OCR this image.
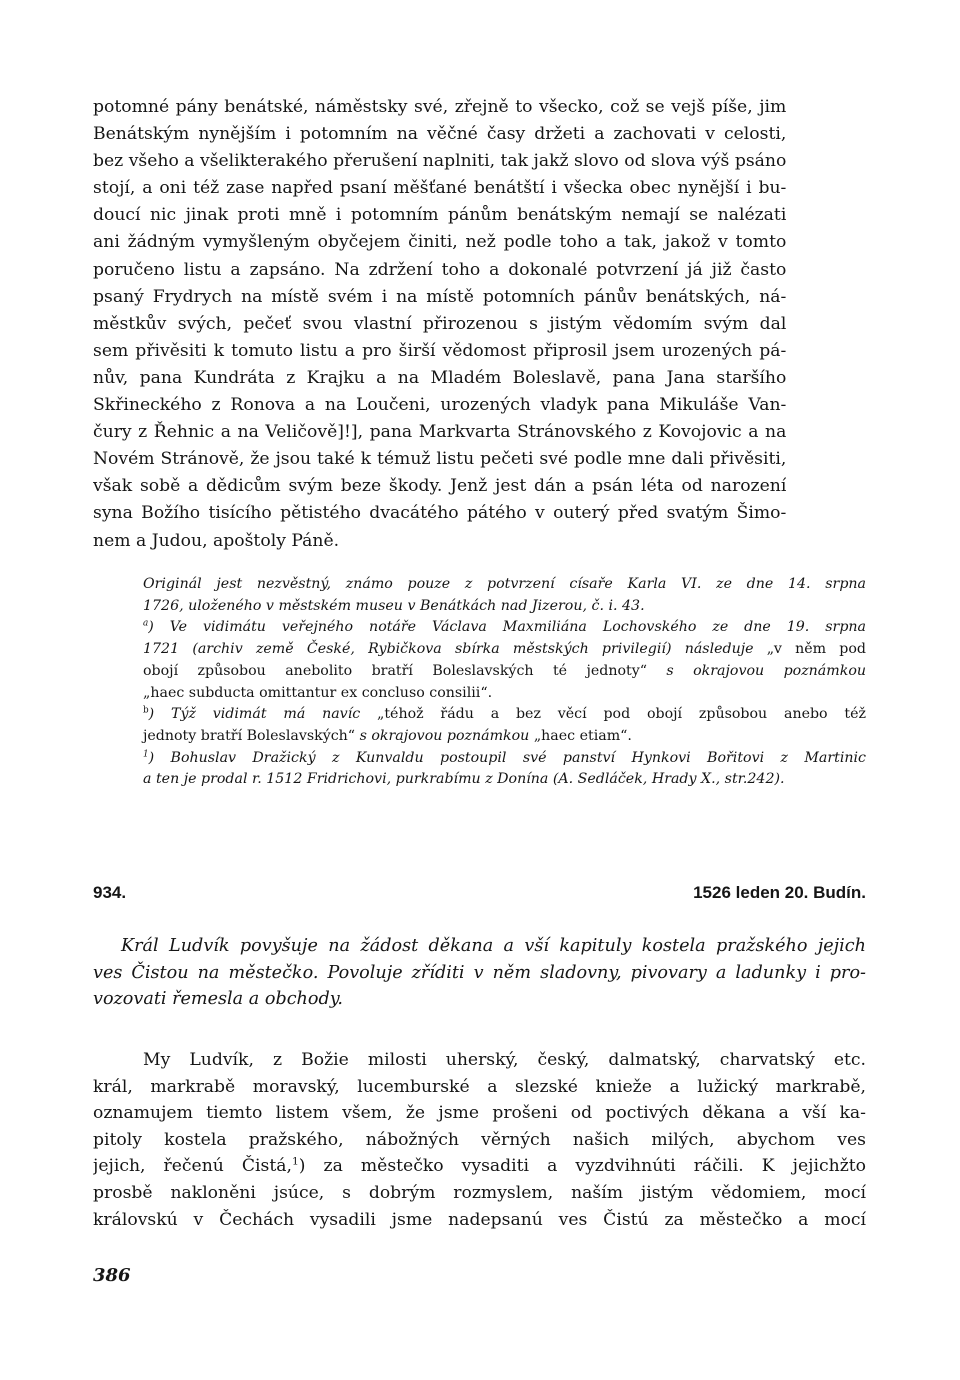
potomné pány benátské, náměstsky své, zřejně to všecko, což se vejš píše, jim
Benátským nynějším i potomním na věčné časy držeti a zachovati v celosti,
bez všeho a všelikterakého přerušení naplniti, tak jakž slovo od slova výš psáno
stojí, a oni též zase napřed psaní měšťané benátští i všecka obec nynější i bu-
doucí nic jinak proti mně i potomním pánům benátským nemají se nalézati
ani žádným vymyšleným obyčejem činiti, než podle toho a tak, jakož v tomto
poručeno listu a zapsáno. Na zdržení toho a dokonalé potvrzení já již často
psaný Frydrych na místě svém i na místě potomních pánův benátských, ná-
městkův svých, pečeť svou vlastní přirozenou s jistým vědomím svým dal
sem přivěsiti k tomuto listu a pro širší vědomost připrosil jsem urozených pá-
nův, pana Kundráta z Krajku a na Mladém Boleslavě, pana Jana staršího
Skřineckého z Ronova a na Loučeni, urozených vladyk pana Mikuláše Van-
čury z Řehnic a na Veličově]!], pana Markvarta Stránovského z Kovojovic a na
Novém Stránově, že jsou také k témuž listu pečeti své podle mne dali přivěsiti,
však sobě a dědicům svým beze škody. Jenž jest dán a psán léta od narození
syna Božího tisícího pětistého dvacátého pátého v outerý před svatým Šimo-
nem a Judou, apoštoly Páně.
Originál jest nezvěstný, známo pouze z potvrzení císaře Karla VI. ze dne 14. srpna
1726, uloženého v městském museu v Benátkách nad Jizerou, č. i. 43.
$^a$) Ve vidimátu veřejného notáře Václava Maxmiliána Lochovského ze dne 19. srpna
1721 (archiv země České, Rybičkova sbírka městských privilegií) následuje „v něm pod
obojí způsobou anebolito bratří Boleslavských té jednoty“ s okrajovou poznámkou
„haec subducta omittantur ex concluso consilii“.
$^b$) Týž vidimát má navíc „téhož řádu a bez věcí pod obojí způsobou anebo též
jednoty bratří Boleslavských“ s okrajovou poznámkou „haec etiam“.
$^1$) Bohuslav Dražický z Kunvaldu postoupil své panství Hynkovi Bořitovi z Martinic
a ten je prodal r. 1512 Fridrichovi, purkrabímu z Donína (A. Sedláček, Hrady X., str.242).
934.	1526 leden 20. Budín.
Král Ludvík povyšuje na žádost děkana a vší kapituly kostela pražského jejich
ves Čistou na městečko. Povoluje zříditi v něm sladovny, pivovary a ladunky i pro-
vozovati řemesla a obchody.
My Ludvík, z Božie milosti uherský, český, dalmatský, charvatský etc.
král, markrabě moravský, lucemburské a slezské knieže a lužický markrabě,
oznamujem tiemto listem všem, že jsme prošeni od poctivých děkana a vší ka-
pitoly kostela pražského, nábožných věrných našich milých, abychom ves
jejich, řečenú Čistá,$^1$) za městečko vysaditi a vyzdvihnúti ráčili. K jejichžto
prosbě nakloněni jsúce, s dobrým rozmyslem, naším jistým vědomiem, mocí
královskú v Čechách vysadili jsme nadepsanú ves Čistú za městečko a mocí
386
